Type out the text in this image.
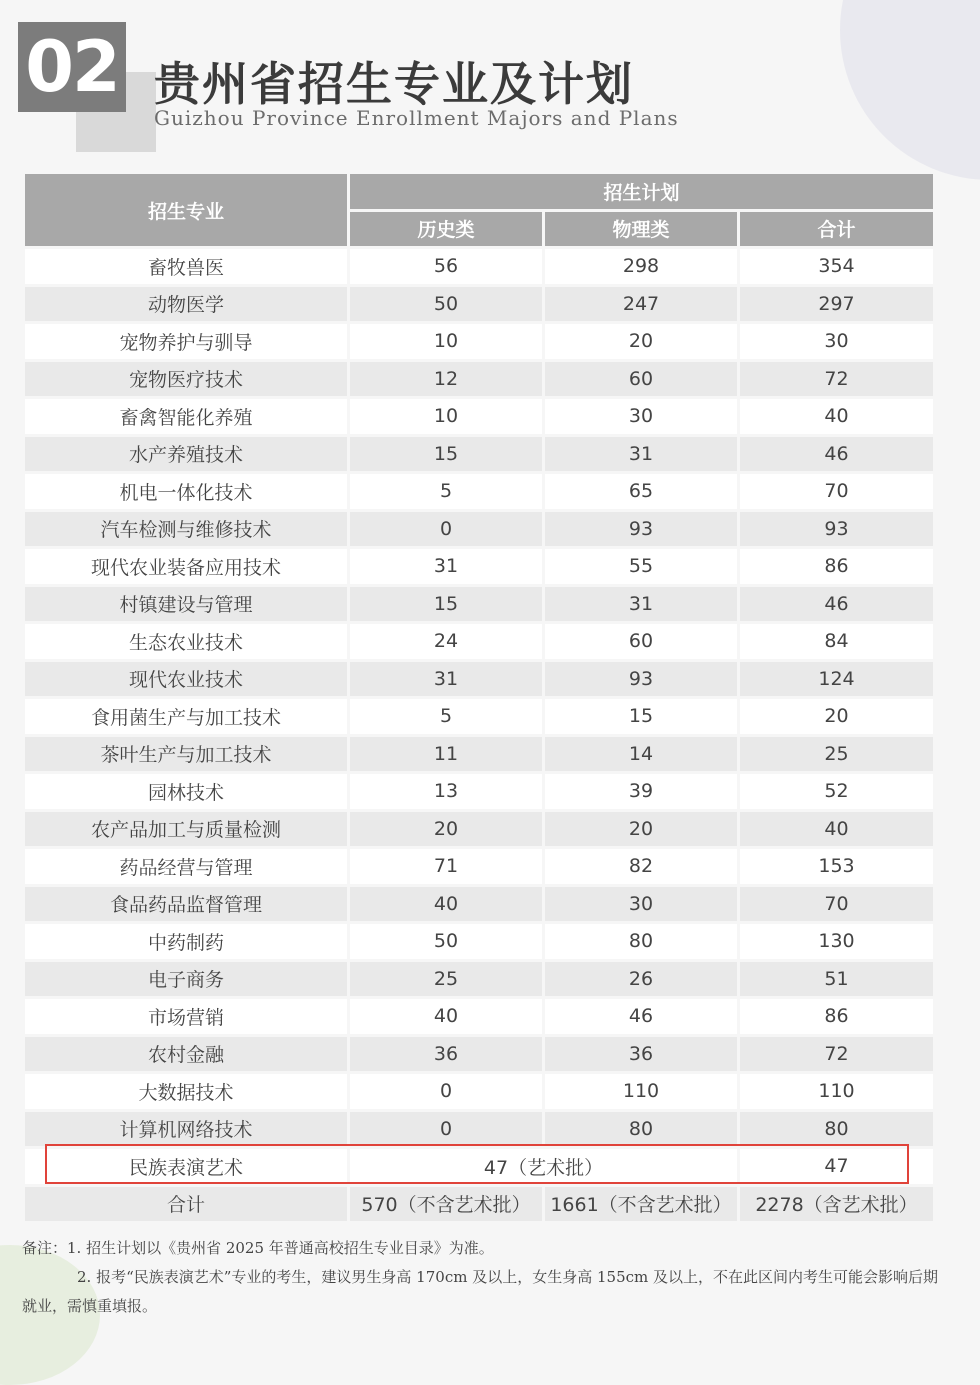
02 贵州省招生专业及计划
Guizhou Province Enrollment Majors and Plans
招生专业	招生计划		
	历史类	物理类	合计
畜牧兽医	56	298	354
动物医学	50	247	297
宠物养护与驯导	10	20	30
宠物医疗技术	12	60	72
畜禽智能化养殖	10	30	40
水产养殖技术	15	31	46
机电一体化技术	5	65	70
汽车检测与维修技术	0	93	93
现代农业装备应用技术	31	55	86
村镇建设与管理	15	31	46
生态农业技术	24	60	84
现代农业技术	31	93	124
食用菌生产与加工技术	5	15	20
茶叶生产与加工技术	11	14	25
园林技术	13	39	52
农产品加工与质量检测	20	20	40
药品经营与管理	71	82	153
食品药品监督管理	40	30	70
中药制药	50	80	130
电子商务	25	26	51
市场营销	40	46	86
农村金融	36	36	72
大数据技术	0	110	110
计算机网络技术	0	80	80
民族表演艺术	47（艺术批）		47
合计	570（不含艺术批）	1661（不含艺术批）	2278（含艺术批）
备注：1. 招生计划以《贵州省 2025 年普通高校招生专业目录》为准。
2. 报考“民族表演艺术”专业的考生，建议男生身高 170cm 及以上，女生身高 155cm 及以上，不在此区间内考生可能会影响后期就业，需慎重填报。
